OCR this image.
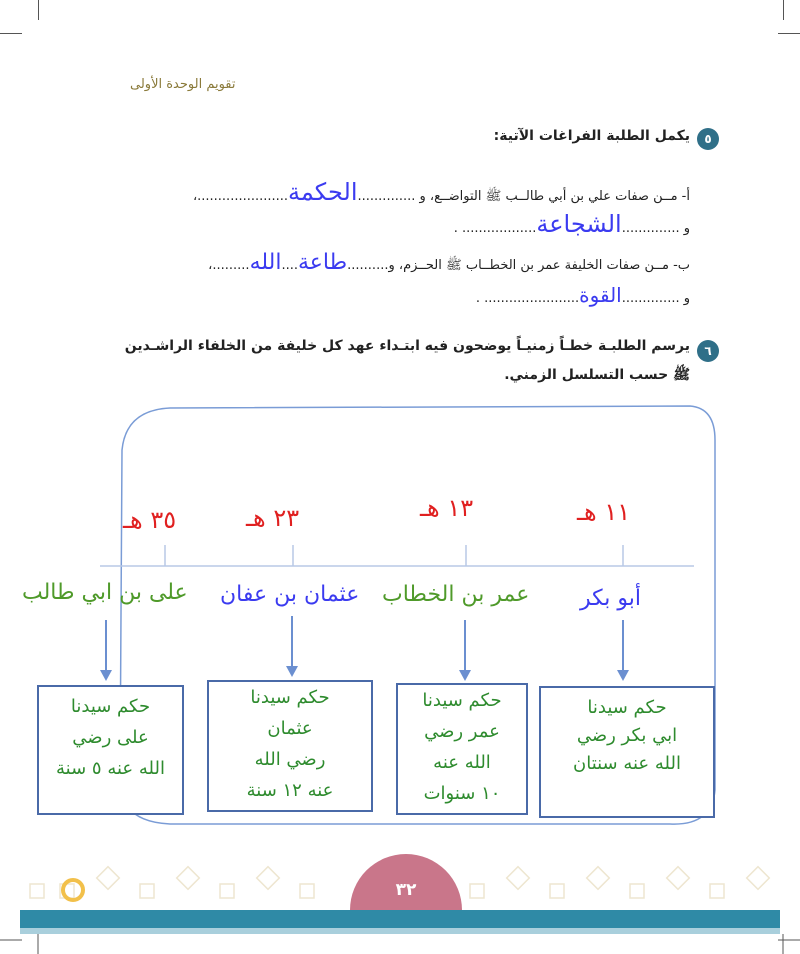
تقويم الوحدة الأولى
٥
يكمل الطلبة الفراغات الآتية:
أ- مــن صفات علي بن أبي طالــب ﷺ التواضــع، و ..............الحكمة......................،
و ..............الشجاعة.................. .
ب- مــن صفات الخليفة عمر بن الخطــاب ﷺ الحــزم، و..........طاعة....الله.........،
و ..............القوة....................... .
٦
يرسم الطلبـة خطـاً زمنيـاً يوضحون فيه ابتـداء عهد كل خليفة من الخلفاء الراشـدين
ﷺ حسب التسلسل الزمني.
١١ هـ
١٣ هـ
٢٣ هـ
٣٥ هـ
أبو بكر
عمر بن الخطاب
عثمان بن عفان
على بن ابي طالب
حكم سيدنا
ابي بكر رضي
الله عنه سنتان
حكم سيدنا
عمر رضي
الله عنه
١٠ سنوات
حكم سيدنا
عثمان
رضي الله
عنه ١٢ سنة
حكم سيدنا
على رضي
الله عنه ٥ سنة
٣٢
